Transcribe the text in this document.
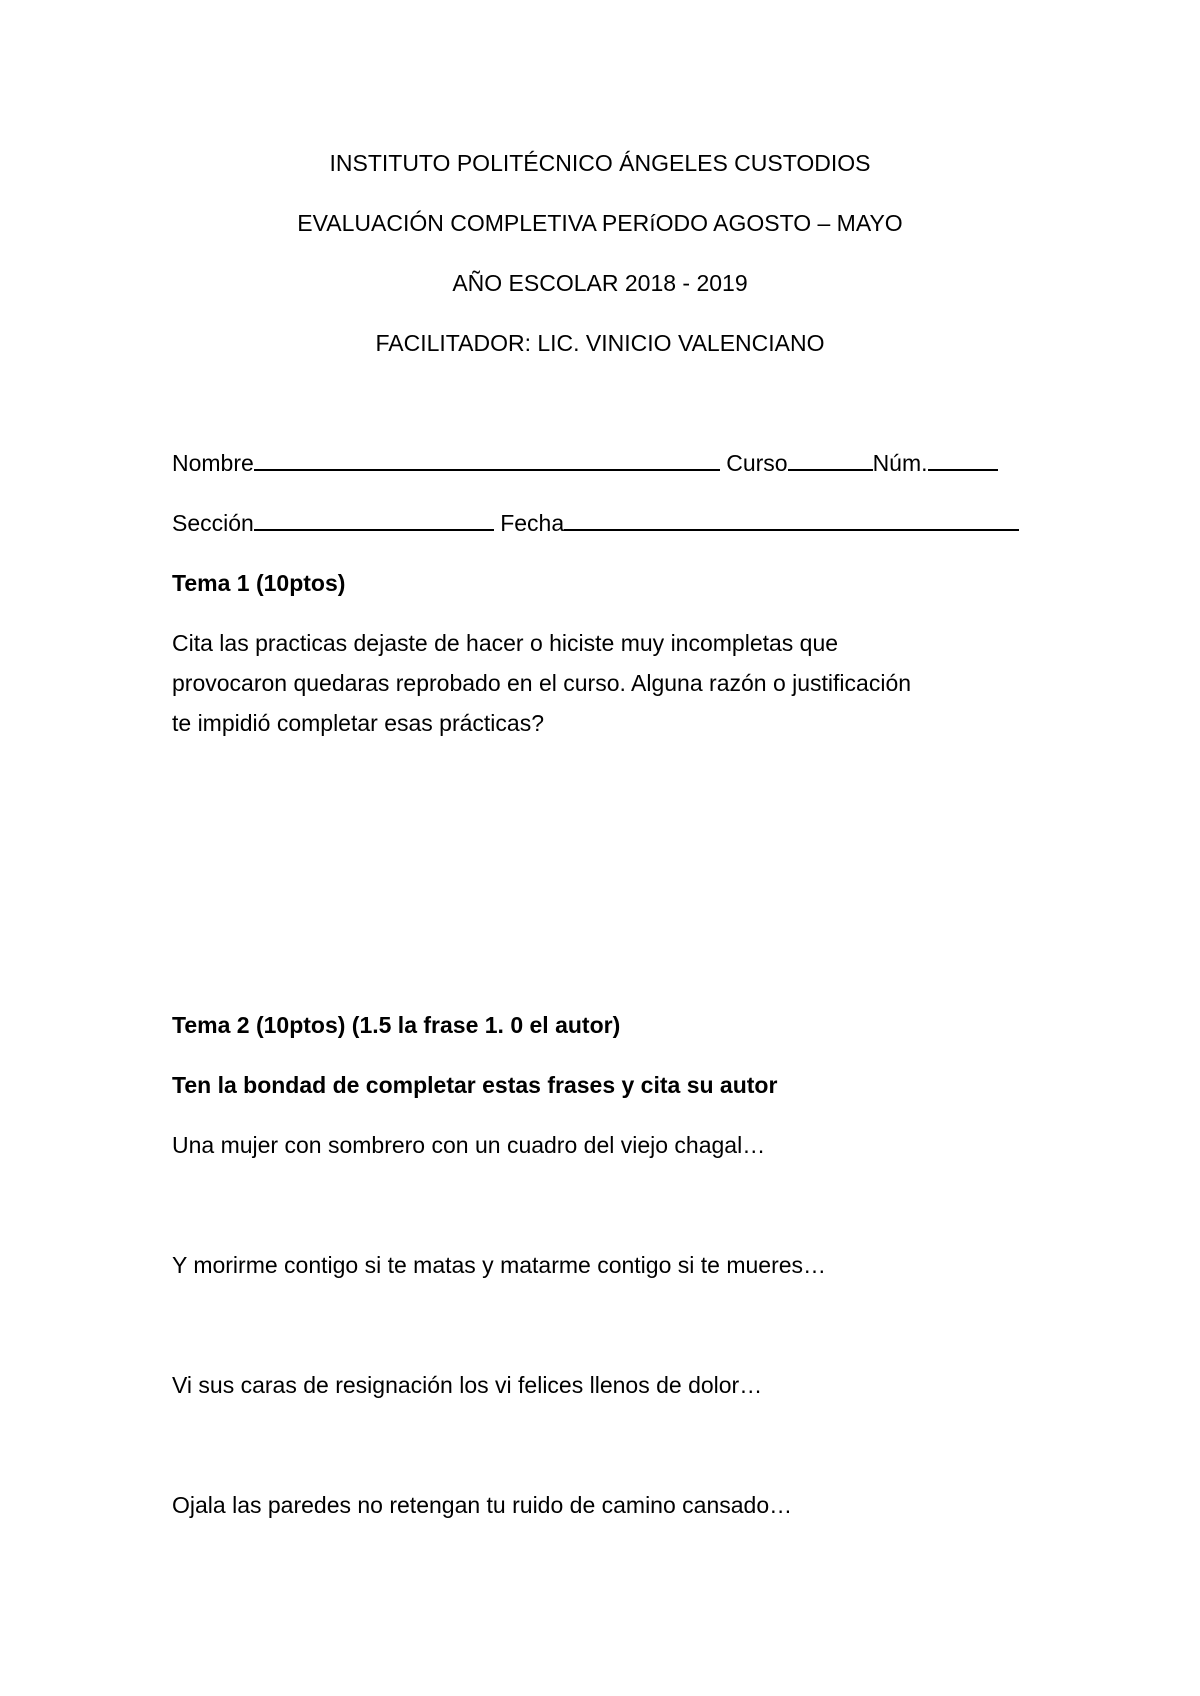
INSTITUTO POLITÉCNICO ÁNGELES CUSTODIOS
EVALUACIÓN COMPLETIVA PERíODO AGOSTO – MAYO
AÑO ESCOLAR 2018 - 2019
FACILITADOR: LIC. VINICIO VALENCIANO
Nombre	Curso	Núm.
Sección	Fecha
Tema 1 (10ptos)
Cita las practicas dejaste de hacer o hiciste muy incompletas que
provocaron quedaras reprobado en el curso. Alguna razón o justificación
te impidió completar esas prácticas?
Tema 2 (10ptos) (1.5 la frase 1. 0 el autor)
Ten la bondad de completar estas frases y cita su autor
Una mujer con sombrero con un cuadro del viejo chagal…
Y morirme contigo si te matas y matarme contigo si te mueres…
Vi sus caras de resignación los vi felices llenos de dolor…
Ojala las paredes no retengan tu ruido de camino cansado…
